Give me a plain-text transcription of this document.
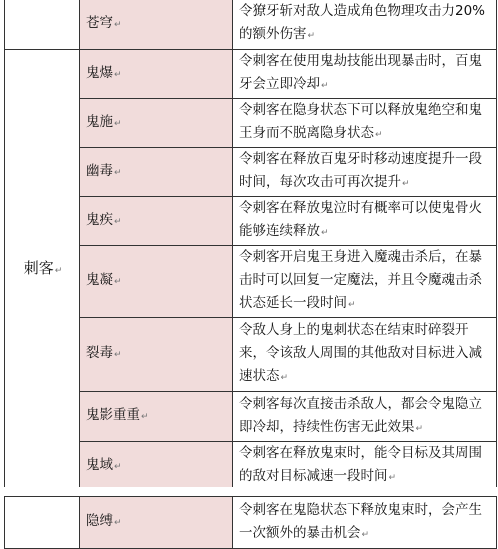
	苍穹↵	令獠牙斩对敌人造成角色物理攻击力20%的额外伤害↵
刺客↵	鬼爆↵	令刺客在使用鬼劫技能出现暴击时，百鬼牙会立即冷却↵
	鬼施↵	令刺客在隐身状态下可以释放鬼绝空和鬼王身而不脱离隐身状态↵
	幽毒↵	令刺客在释放百鬼牙时移动速度提升一段时间，每次攻击可再次提升↵
	鬼疾↵	令刺客在释放鬼泣时有概率可以使鬼骨火能够连续释放↵
	鬼凝↵	令刺客开启鬼王身进入魔魂击杀后，在暴击时可以回复一定魔法，并且令魔魂击杀状态延长一段时间↵
	裂毒↵	令敌人身上的鬼刺状态在结束时碎裂开来，令该敌人周围的其他敌对目标进入减速状态↵
	鬼影重重↵	令刺客每次直接击杀敌人，都会令鬼隐立即冷却，持续性伤害无此效果↵
	鬼域↵	令刺客在释放鬼束时，能令目标及其周围的敌对目标减速一段时间↵
	隐缚↵	令刺客在鬼隐状态下释放鬼束时，会产生一次额外的暴击机会↵
